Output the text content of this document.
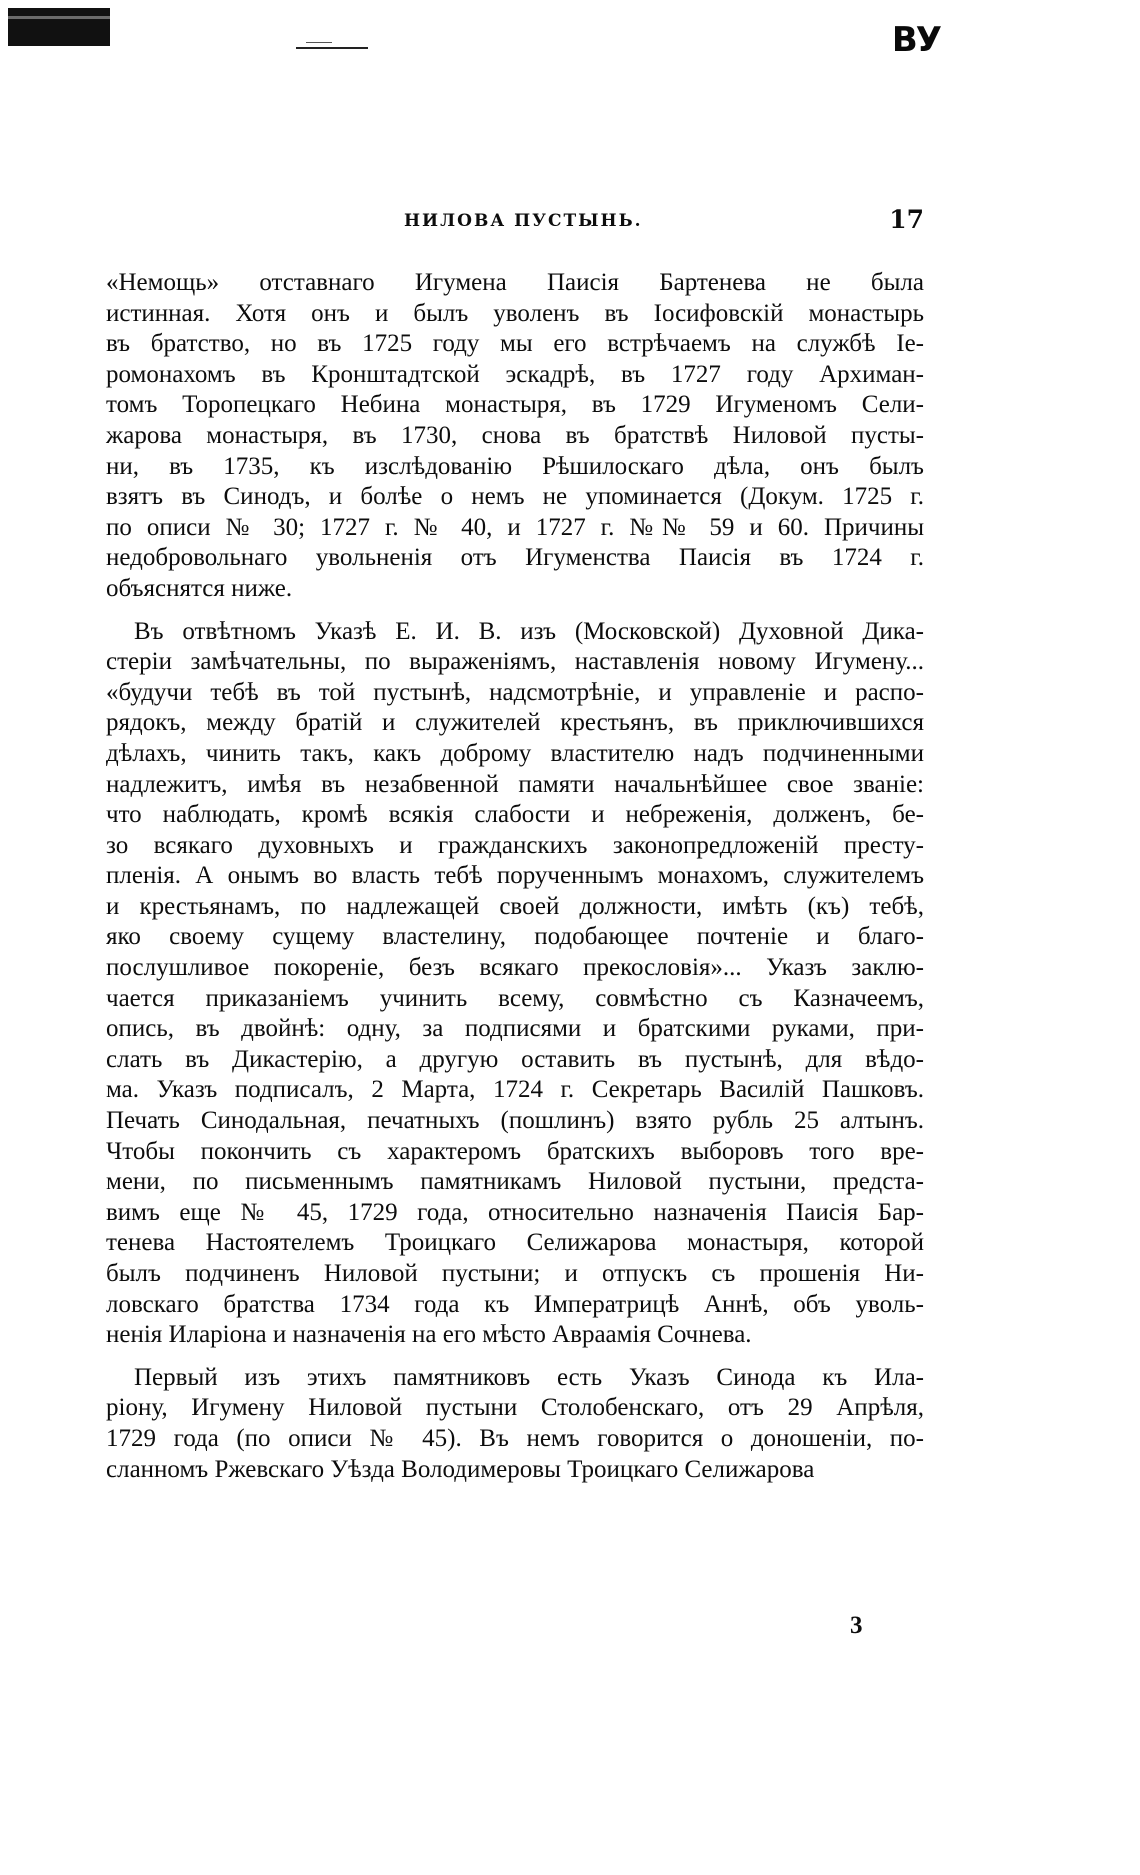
ВУ
НИЛОВА ПУСТЫНЬ.	17
«Немощь» отставнаго Игумена Паисія Бартенева не была
истинная. Хотя онъ и былъ уволенъ въ Іосифовскій монастырь
въ братство, но въ 1725 году мы его встрѣчаемъ на службѣ Іе-
ромонахомъ въ Кронштадтской эскадрѣ, въ 1727 году Архиман-
томъ Торопецкаго Небина монастыря, въ 1729 Игуменомъ Сели-
жарова монастыря, въ 1730, снова въ братствѣ Ниловой пусты-
ни, въ 1735, къ изслѣдованію Рѣшилоскаго дѣла, онъ былъ
взятъ въ Синодъ, и болѣе о немъ не упоминается (Докум. 1725 г.
по описи № 30; 1727 г. № 40, и 1727 г. №№ 59 и 60. Причины
недобровольнаго увольненія отъ Игуменства Паисія въ 1724 г.
объяснятся ниже.
Въ отвѣтномъ Указѣ Е. И. В. изъ (Московской) Духовной Дика-
стеріи замѣчательны, по выраженіямъ, наставленія новому Игумену...
«будучи тебѣ въ той пустынѣ, надсмотрѣніе, и управленіе и распо-
рядокъ, между братій и служителей крестьянъ, въ приключившихся
дѣлахъ, чинить такъ, какъ доброму властителю надъ подчиненными
надлежитъ, имѣя въ незабвенной памяти начальнѣйшее свое званіе:
что наблюдать, кромѣ всякія слабости и небреженія, долженъ, бе-
зо всякаго духовныхъ и гражданскихъ законопредложеній престу-
пленія. А онымъ во власть тебѣ порученнымъ монахомъ, служителемъ
и крестьянамъ, по надлежащей своей должности, имѣть (къ) тебѣ,
яко своему сущему властелину, подобающее почтеніе и благо-
послушливое покореніе, безъ всякаго прекословія»... Указъ заклю-
чается приказаніемъ учинить всему, совмѣстно съ Казначеемъ,
опись, въ двойнѣ: одну, за подписями и братскими руками, при-
слать въ Дикастерію, а другую оставить въ пустынѣ, для вѣдо-
ма. Указъ подписалъ, 2 Марта, 1724 г. Секретарь Василій Пашковъ.
Печать Синодальная, печатныхъ (пошлинъ) взято рубль 25 алтынъ.
Чтобы покончить съ характеромъ братскихъ выборовъ того вре-
мени, по письменнымъ памятникамъ Ниловой пустыни, предста-
вимъ еще № 45, 1729 года, относительно назначенія Паисія Бар-
тенева Настоятелемъ Троицкаго Селижарова монастыря, которой
былъ подчиненъ Ниловой пустыни; и отпускъ съ прошенія Ни-
ловскаго братства 1734 года къ Императрицѣ Аннѣ, объ уволь-
ненія Иларіона и назначенія на его мѣсто Авраамія Сочнева.
Первый изъ этихъ памятниковъ есть Указъ Синода къ Ила-
ріону, Игумену Ниловой пустыни Столобенскаго, отъ 29 Апрѣля,
1729 года (по описи № 45). Въ немъ говорится о доношеніи, по-
сланномъ Ржевскаго Уѣзда Володимеровы Троицкаго Селижарова
3
